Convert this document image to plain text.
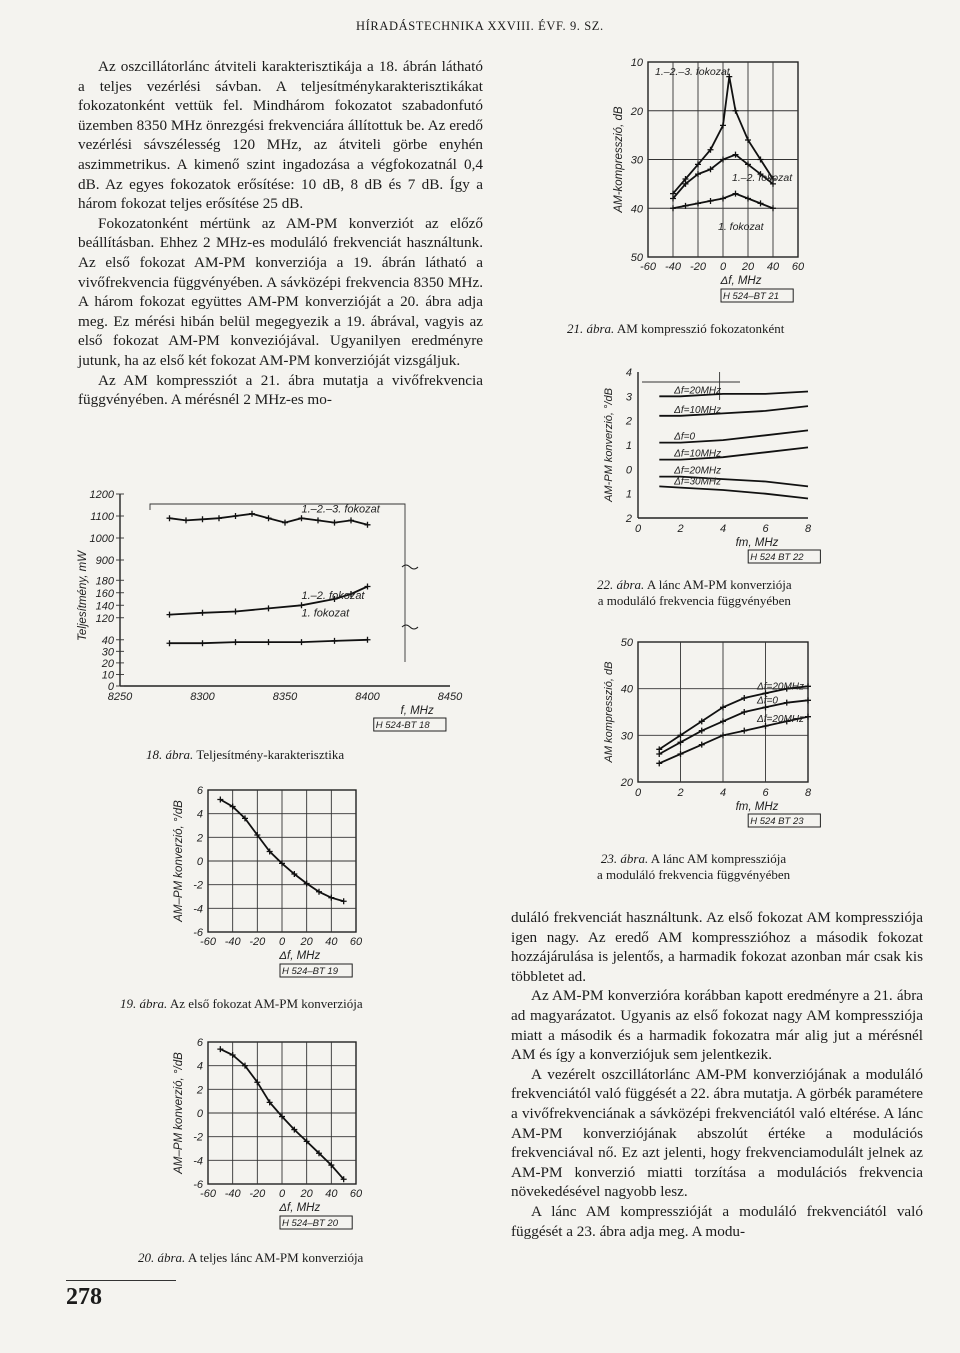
HÍRADÁSTECHNIKA XXVIII. ÉVF. 9. SZ.

Az oszcillátorlánc átviteli karakterisztikája a 18. ábrán látható a teljes vezérlési sávban. A teljesítménykarakterisztikákat fokozatonként vettük fel. Mindhárom fokozatot szabadonfutó üzemben 8350 MHz önrezgési frekvenciára állítottuk be. Az eredő vezérlési sávszélesség 120 MHz, az átviteli görbe enyhén aszimmetrikus. A kimenő szint ingadozása a végfokozatnál 0,4 dB. Az egyes fokozatok erősítése: 10 dB, 8 dB és 7 dB. Így a három fokozat teljes erősítése 25 dB.

Fokozatonként mértünk az AM-PM konverziót az előző beállításban. Ehhez 2 MHz-es moduláló frekvenciát használtunk. Az első fokozat AM-PM konverziója a 19. ábrán látható a vivőfrekvencia függvényében. A sávközépi frekvencia 8350 MHz. A három fokozat együttes AM-PM konverzióját a 20. ábra adja meg. Ez mérési hibán belül megegyezik a 19. ábrával, vagyis az első fokozat AM-PM konveziójával. Ugyanilyen eredményre jutunk, ha az első két fokozat AM-PM konverzióját vizsgáljuk.

Az AM kompressziót a 21. ábra mutatja a vivőfrekvencia függvényében. A mérésnél 2 MHz-es mo-

duláló frekvenciát használtunk. Az első fokozat AM kompressziója igen nagy. Az eredő AM kompresszióhoz a második fokozat hozzájárulása is jelentős, a harmadik fokozat azonban már csak kis többletet ad.

Az AM-PM konverzióra korábban kapott eredményre a 21. ábra ad magyarázatot. Ugyanis az első fokozat nagy AM kompressziója miatt a második és a harmadik fokozatra már alig jut a mérésnél AM és így a konverziójuk sem jelentkezik.

A vezérelt oszcillátorlánc AM-PM konverziójának a moduláló frekvenciától való függését a 22. ábra mutatja. A görbék paramétere a vivőfrekvenciának a sávközépi frekvenciától való eltérése. A lánc AM-PM konverziójának abszolút értéke a modulációs frekvenciával nő. Ez azt jelenti, hogy frekvenciamodulált jelnek az AM-PM konverzió miatti torzítása a modulációs frekvencia növekedésével nagyobb lesz.

A lánc AM kompresszióját a moduláló frekvenciától való függését a 23. ábra adja meg. A modu-

0
10
20
30
40
120
140
160
180
900
1000
1100
1200
8250	8300	8350	8400	8450
f, MHz
Teljesítmény, mW
H 524-BT 18
1.–2.–3. fokozat
1.–2. fokozat
1. fokozat
-60 -40 -20 0 20 40 60
6
4
2
0
-2
-4
-6
Δf, MHz
AM–PM konverzió, °/dB
H 524–BT 19
-60 -40 -20 0 20 40 60
6
4
2
0
-2
-4
-6
Δf, MHz
AM–PM konverzió, °/dB
H 524–BT 20
-60 -40 -20 0 20 40 60
10
20
30
40
50
Δf, MHz
AM-kompresszió, dB
H 524–BT 21
1.–2.–3. fokozat
1.–2. fokozat
1. fokozat
4
3
2
1
0
1
2
0	2	4	6	8
fm, MHz
AM-PM konverzió, °/dB
H 524 BT 22
Δf=20MHz
Δf=10MHz
Δf=0
Δf=10MHz
Δf=20MHz
Δf=30MHz
20
30
40
50
0	2	4	6	8
fm, MHz
AM kompresszió, dB
H 524 BT 23
Δf=20MHz
Δf=0
Δf=20MHz
18. ábra. Teljesítmény-karakterisztika
19. ábra. Az első fokozat AM-PM konverziója
20. ábra. A teljes lánc AM-PM konverziója
21. ábra. AM kompresszió fokozatonként
22. ábra. A lánc AM-PM konverziója
a moduláló frekvencia függvényében
23. ábra. A lánc AM kompressziója
a moduláló frekvencia függvényében
278
